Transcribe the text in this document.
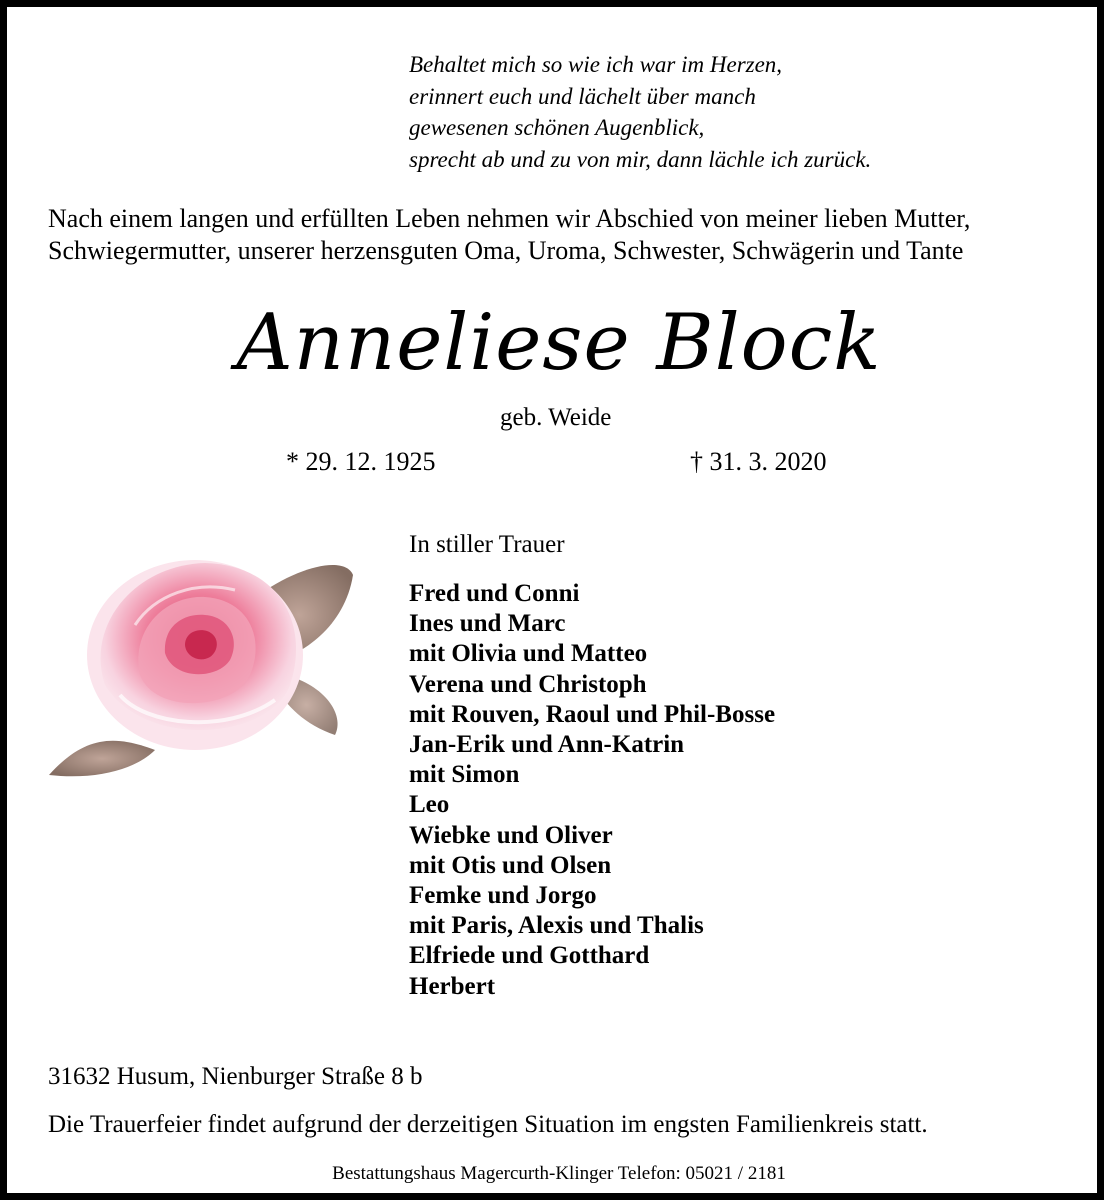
Behaltet mich so wie ich war im Herzen,
erinnert euch und lächelt über manch
gewesenen schönen Augenblick,
sprecht ab und zu von mir, dann lächle ich zurück.
Nach einem langen und erfüllten Leben nehmen wir Abschied von meiner lieben Mutter,
Schwiegermutter, unserer herzensguten Oma, Uroma, Schwester, Schwägerin und Tante
Anneliese Block
geb. Weide
* 29. 12. 1925	† 31. 3. 2020
In stiller Trauer
Fred und Conni
Ines und Marc
mit Olivia und Matteo
Verena und Christoph
mit Rouven, Raoul und Phil-Bosse
Jan-Erik und Ann-Katrin
mit Simon
Leo
Wiebke und Oliver
mit Otis und Olsen
Femke und Jorgo
mit Paris, Alexis und Thalis
Elfriede und Gotthard
Herbert
31632 Husum, Nienburger Straße 8 b
Die Trauerfeier findet aufgrund der derzeitigen Situation im engsten Familienkreis statt.
Bestattungshaus Magercurth-Klinger Telefon: 05021 / 2181
